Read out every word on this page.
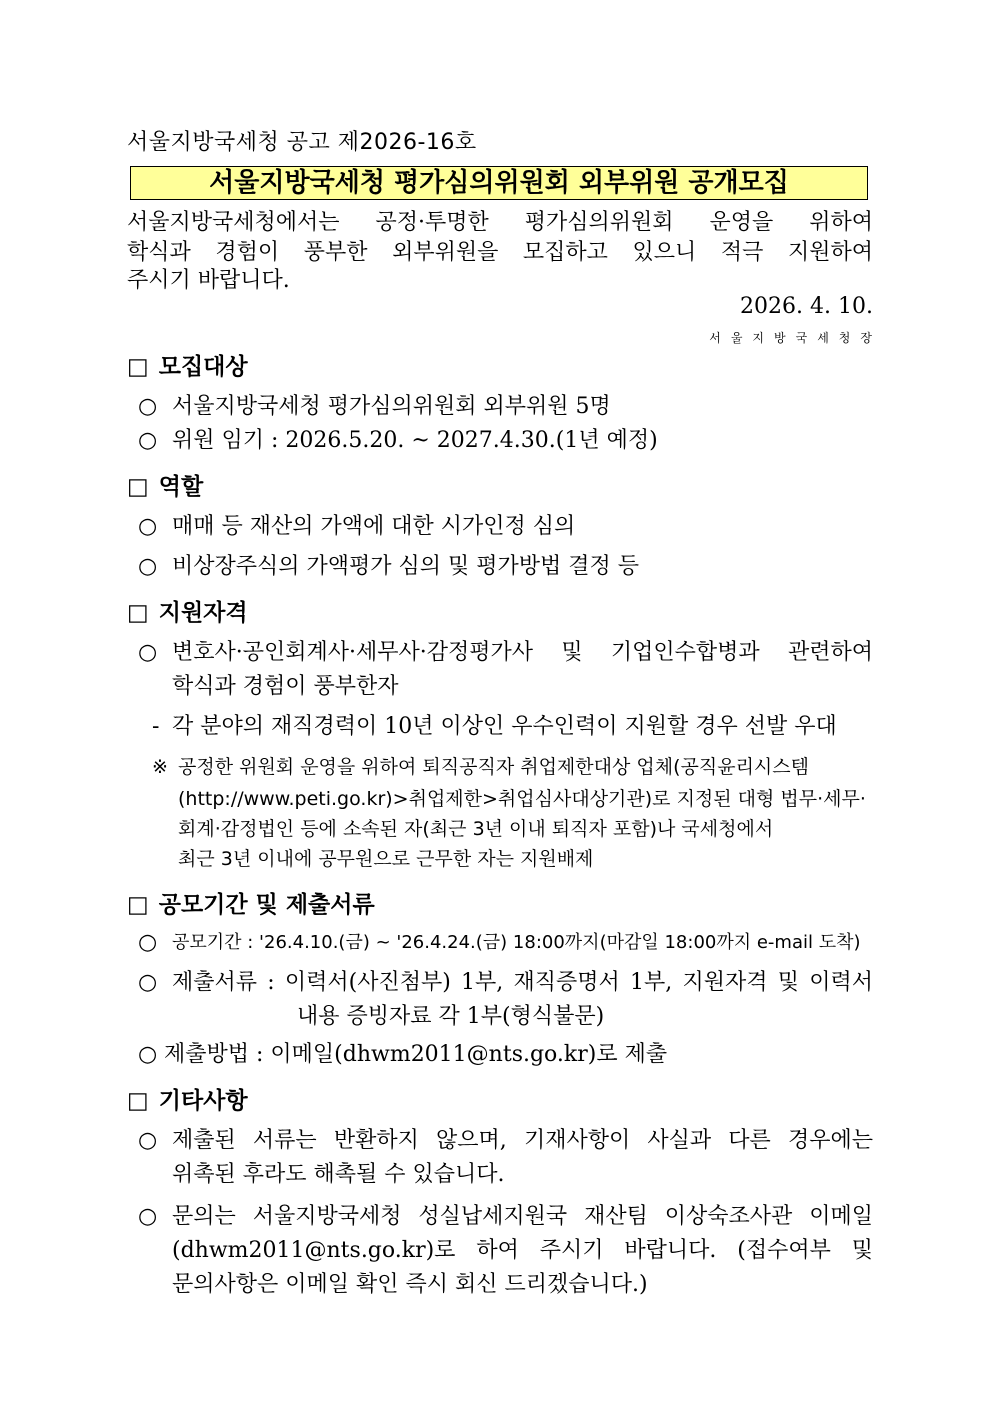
서울지방국세청 공고 제2026-16호
서울지방국세청 평가심의위원회 외부위원 공개모집
서울지방국세청에서는 공정·투명한 평가심의위원회 운영을 위하여
학식과 경험이 풍부한 외부위원을 모집하고 있으니 적극 지원하여
주시기 바랍니다.
2026. 4. 10.
서울지방국세청장
□ 모집대상
○ 서울지방국세청 평가심의위원회 외부위원 5명
○ 위원 임기 : 2026.5.20. ~ 2027.4.30.(1년 예정)
□ 역할
○ 매매 등 재산의 가액에 대한 시가인정 심의
○ 비상장주식의 가액평가 심의 및 평가방법 결정 등
□ 지원자격
○ 변호사·공인회계사·세무사·감정평가사 및 기업인수합병과 관련하여
학식과 경험이 풍부한자
- 각 분야의 재직경력이 10년 이상인 우수인력이 지원할 경우 선발 우대
※ 공정한 위원회 운영을 위하여 퇴직공직자 취업제한대상 업체(공직윤리시스템
(http://www.peti.go.kr)>취업제한>취업심사대상기관)로 지정된 대형 법무·세무·
회계·감정법인 등에 소속된 자(최근 3년 이내 퇴직자 포함)나 국세청에서
최근 3년 이내에 공무원으로 근무한 자는 지원배제
□ 공모기간 및 제출서류
○ 공모기간 : '26.4.10.(금) ~ '26.4.24.(금) 18:00까지(마감일 18:00까지 e-mail 도착)
○ 제출서류 : 이력서(사진첨부) 1부, 재직증명서 1부, 지원자격 및 이력서
내용 증빙자료 각 1부(형식불문)
○ 제출방법 : 이메일(dhwm2011@nts.go.kr)로 제출
□ 기타사항
○ 제출된 서류는 반환하지 않으며, 기재사항이 사실과 다른 경우에는
위촉된 후라도 해촉될 수 있습니다.
○ 문의는 서울지방국세청 성실납세지원국 재산팀 이상숙조사관 이메일
(dhwm2011@nts.go.kr)로 하여 주시기 바랍니다. (접수여부 및
문의사항은 이메일 확인 즉시 회신 드리겠습니다.)
